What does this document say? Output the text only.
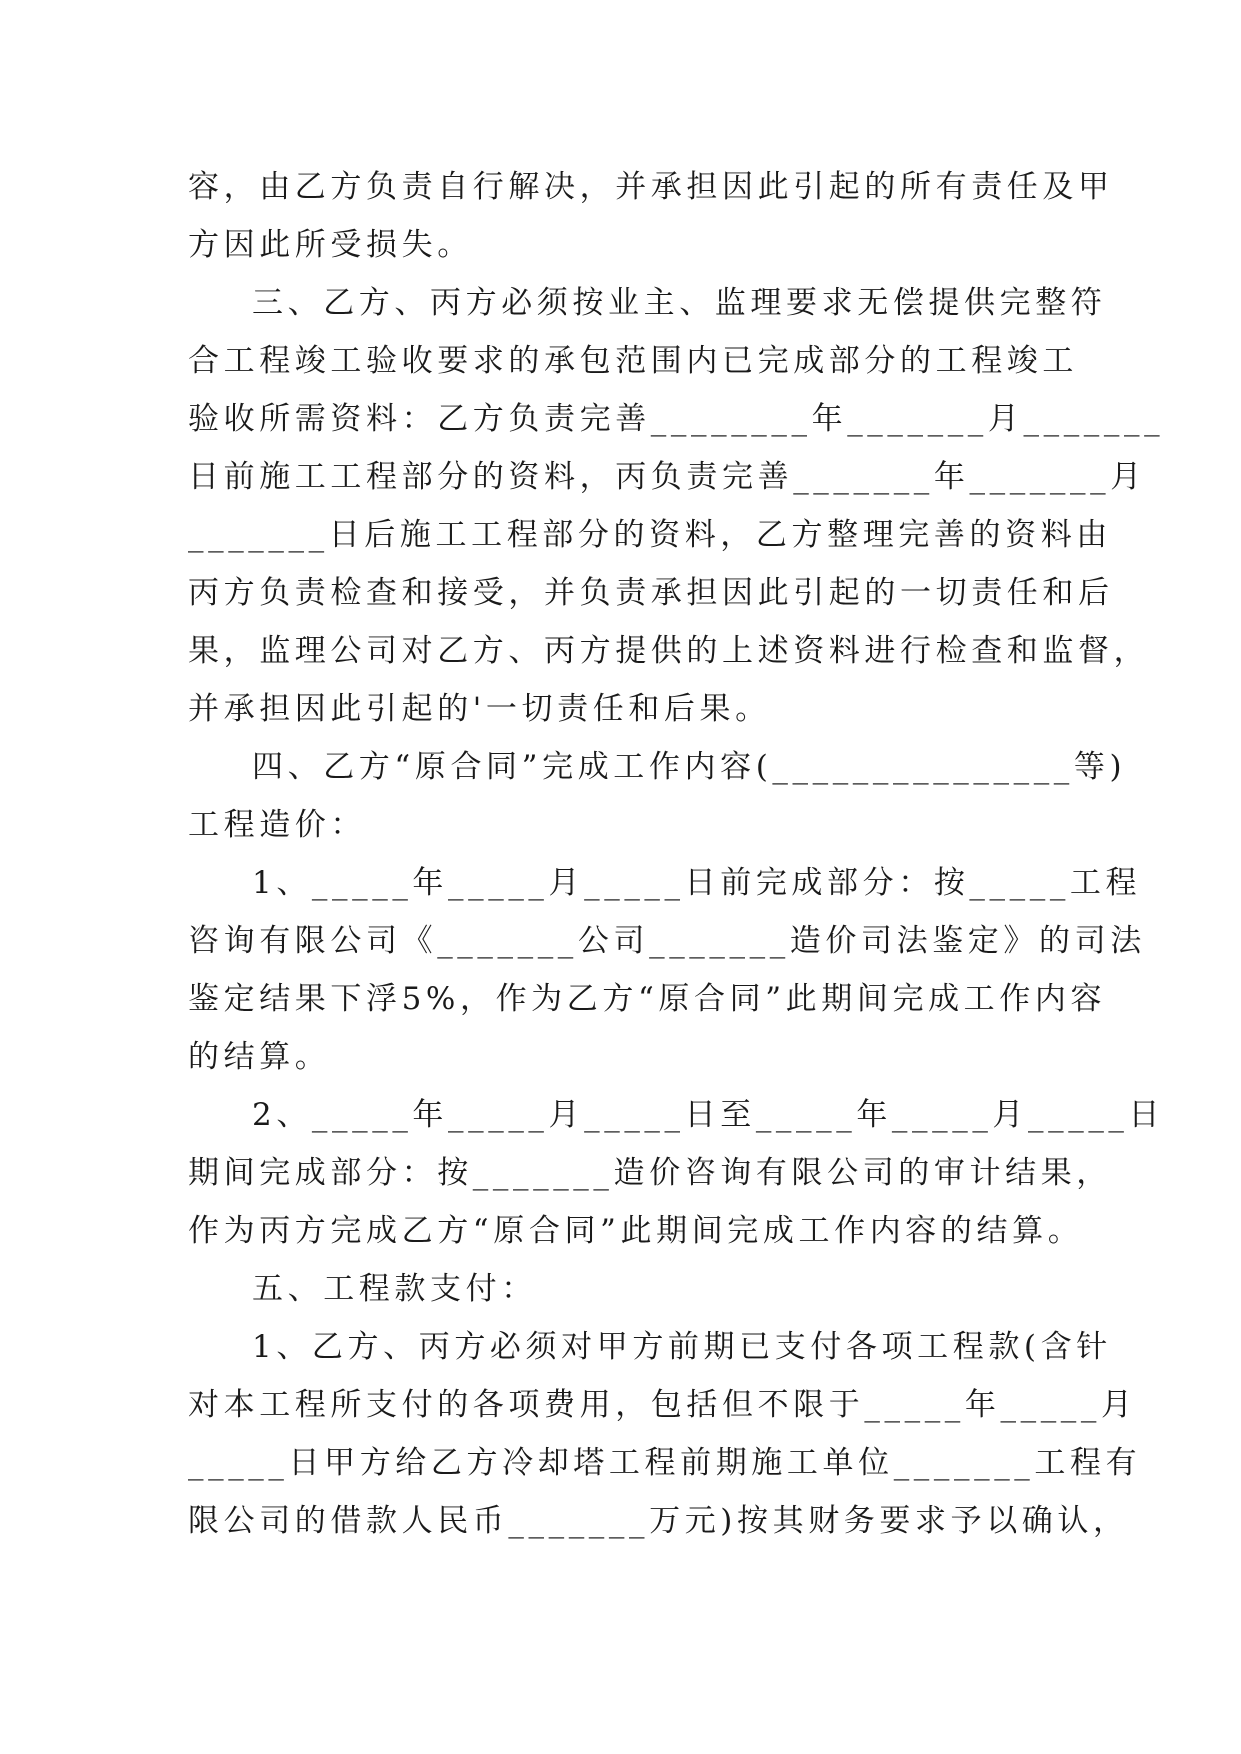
容，由乙方负责自行解决，并承担因此引起的所有责任及甲
方因此所受损失。
三、乙方、丙方必须按业主、监理要求无偿提供完整符
合工程竣工验收要求的承包范围内已完成部分的工程竣工
验收所需资料：乙方负责完善________年_______月_______
日前施工工程部分的资料，丙负责完善_______年_______月
_______日后施工工程部分的资料，乙方整理完善的资料由
丙方负责检查和接受，并负责承担因此引起的一切责任和后
果，监理公司对乙方、丙方提供的上述资料进行检查和监督，
并承担因此引起的'一切责任和后果。
四、乙方“原合同”完成工作内容(_______________等)
工程造价：
1、_____年_____月_____日前完成部分：按_____工程
咨询有限公司《_______公司_______造价司法鉴定》的司法
鉴定结果下浮5%，作为乙方“原合同”此期间完成工作内容
的结算。
2、_____年_____月_____日至_____年_____月_____日
期间完成部分：按_______造价咨询有限公司的审计结果，
作为丙方完成乙方“原合同”此期间完成工作内容的结算。
五、工程款支付：
1、乙方、丙方必须对甲方前期已支付各项工程款(含针
对本工程所支付的各项费用，包括但不限于_____年_____月
_____日甲方给乙方冷却塔工程前期施工单位_______工程有
限公司的借款人民币_______万元)按其财务要求予以确认，
